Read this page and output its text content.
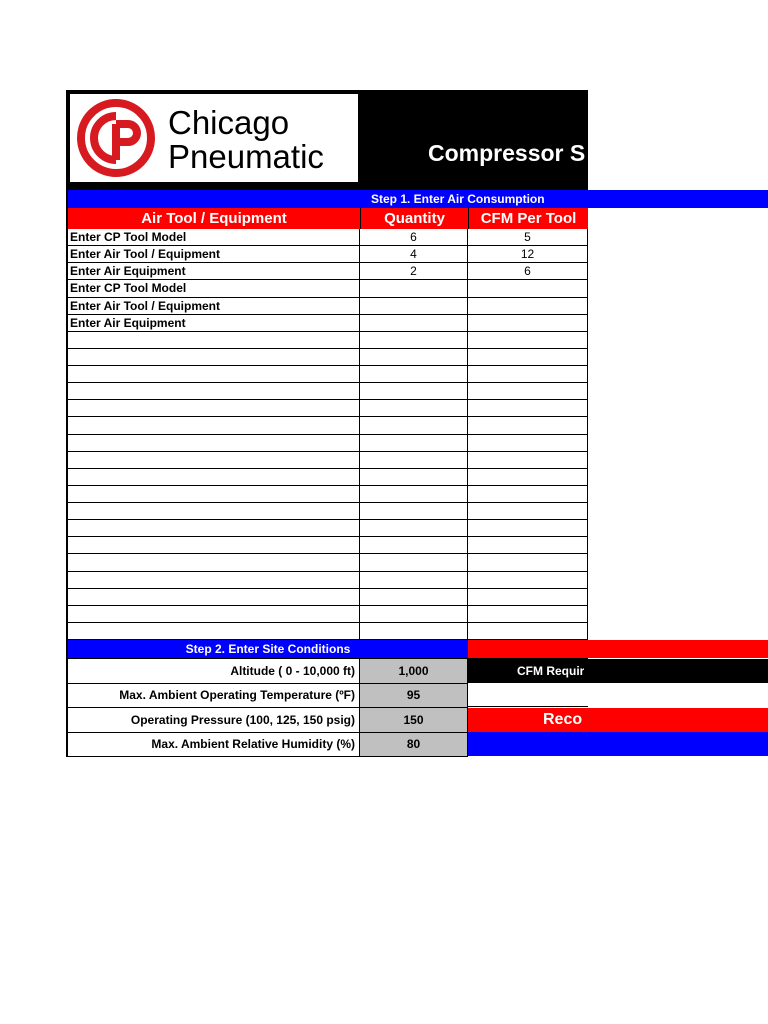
Chicago
Pneumatic	Compressor S
Step 1. Enter Air Consumption
Air Tool / Equipment	Quantity	CFM Per Tool
Enter CP Tool Model	6	5
Enter Air Tool / Equipment	4	12
Enter Air Equipment	2	6
Enter CP Tool Model
Enter Air Tool / Equipment
Enter Air Equipment
Step 2. Enter Site Conditions
Altitude ( 0 - 10,000 ft)	1,000
Max. Ambient Operating Temperature (ºF)	95
Operating Pressure (100, 125, 150 psig)	150
Max. Ambient Relative Humidity (%)	80
CFM Requir
Reco
